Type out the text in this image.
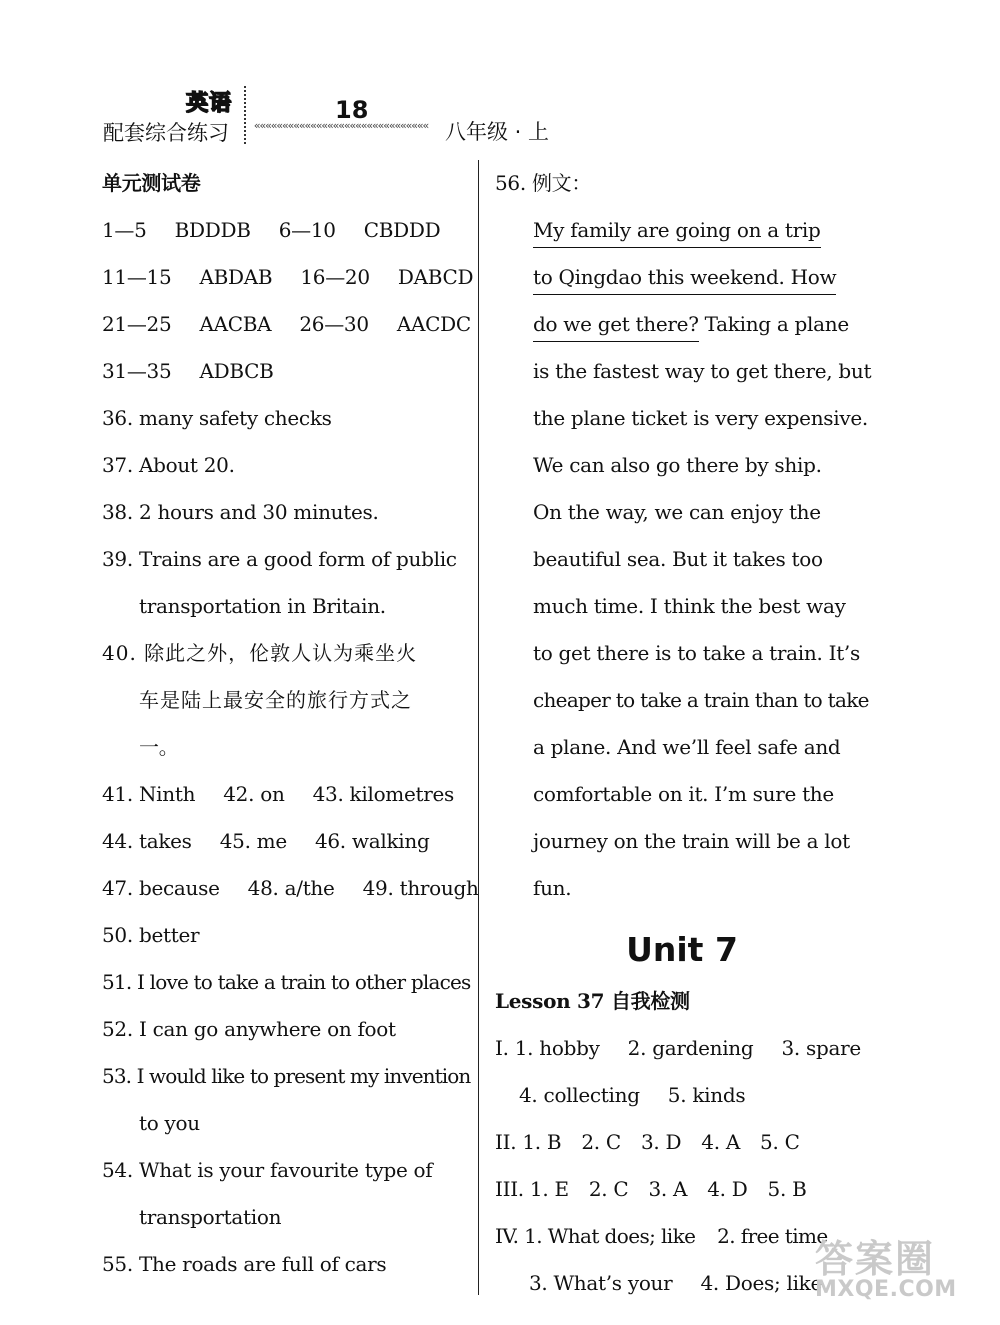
英语
配套综合练习
18
««««««««««««««««««««««««««««««« 八年级 · 上
单元测试卷
1—5 BDDDB 6—10 CBDDD
11—15 ABDAB 16—20 DABCD
21—25 AACBA 26—30 AACDC
31—35 ADBCB
36. many safety checks
37. About 20.
38. 2 hours and 30 minutes.
39. Trains are a good form of public
transportation in Britain.
40. 除此之外，伦敦人认为乘坐火
车是陆上最安全的旅行方式之
一。
41. Ninth 42. on 43. kilometres
44. takes 45. me 46. walking
47. because 48. a/the 49. through
50. better
51. I love to take a train to other places
52. I can go anywhere on foot
53. I would like to present my invention
to you
54. What is your favourite type of
transportation
55. The roads are full of cars
56. 例文：
My family are going on a trip
to Qingdao this weekend. How
do we get there? Taking a plane
is the fastest way to get there, but
the plane ticket is very expensive.
We can also go there by ship.
On the way, we can enjoy the
beautiful sea. But it takes too
much time. I think the best way
to get there is to take a train. It’s
cheaper to take a train than to take
a plane. And we’ll feel safe and
comfortable on it. I’m sure the
journey on the train will be a lot
fun.
Unit 7
Lesson 37 自我检测
I. 1. hobby 2. gardening 3. spare
4. collecting 5. kinds
II. 1. B 2. C 3. D 4. A 5. C
III. 1. E 2. C 3. A 4. D 5. B
IV. 1. What does; like 2. free time
3. What’s your 4. Does; like
答案圈
MXQE.COM
